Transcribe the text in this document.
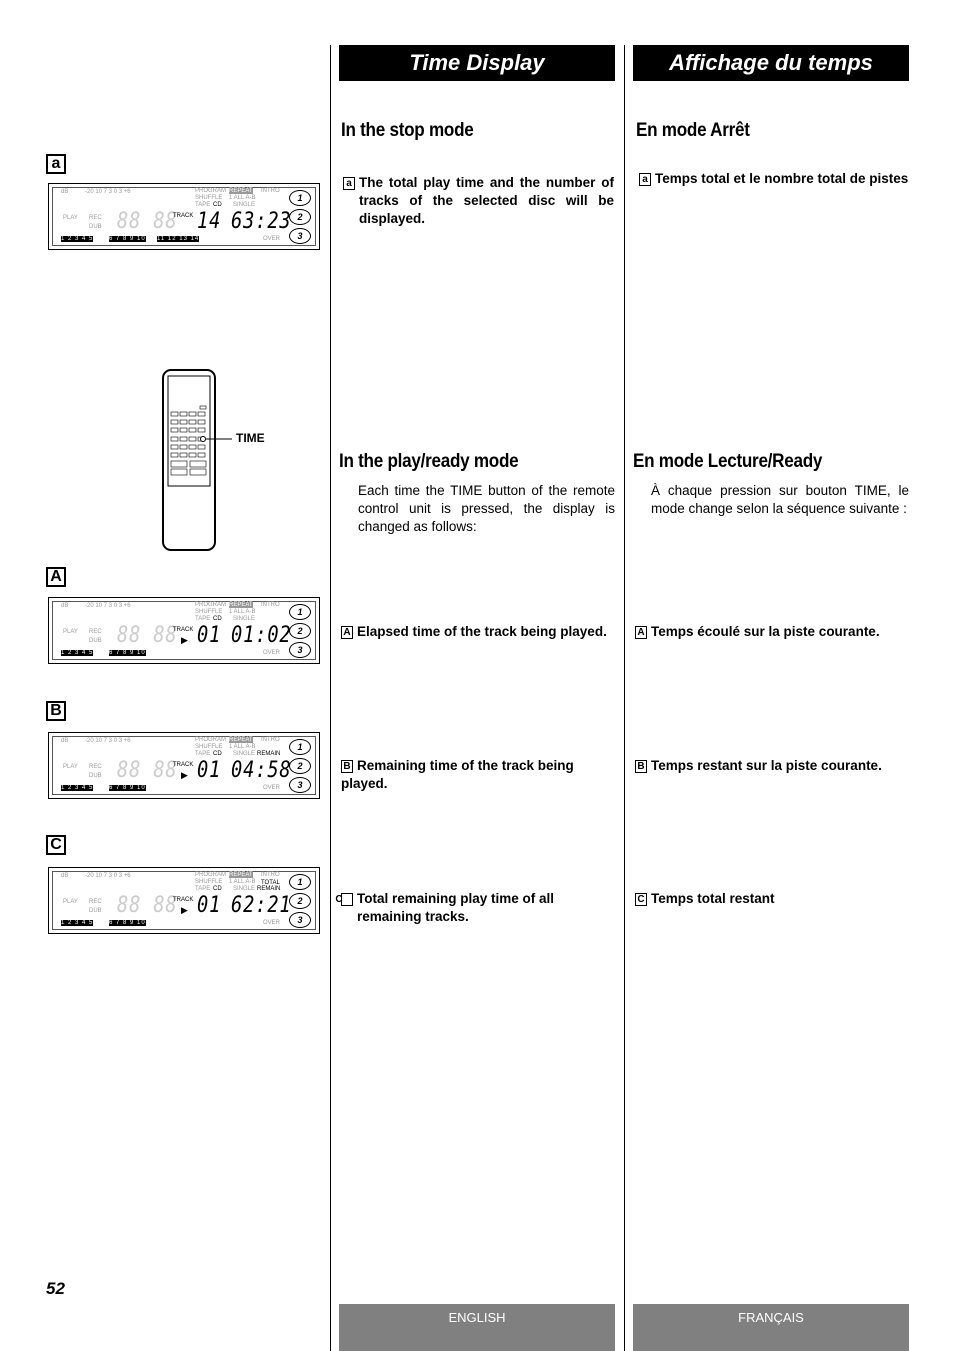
Time Display	Affichage du temps
In the stop mode
a The total play time and the number of tracks of the selected disc will be displayed.
In the play/ready mode
Each time the TIME button of the remote control unit is pressed, the display is changed as follows:
A Elapsed time of the track being played.
B Remaining time of the track being played.
C Total remaining play time of all remaining tracks.
En mode Arrêt
a Temps total et le nombre total de pistes
En mode Lecture/Ready
À chaque pression sur bouton TIME, le mode change selon la séquence suivante :
A Temps écoulé sur la piste courante.
B Temps restant sur la piste courante.
C Temps total restant
a
A
B
C
dB	-20 10 7 3 0 3 +6	PROGRAM REPEAT INTRO
SHUFFLE 1 ALL A-B
TAPE CD SINGLE
PLAY REC
DUB 88 88
TRACK 14 63:23
1
2
3
1 2 3 4 5	6 7 8 9 10 11 12 13 14	OVER
dB	-20 10 7 3 0 3 +6	PROGRAM REPEAT INTRO
SHUFFLE 1 ALL A-B
TAPE CD SINGLE
PLAY REC
DUB 88 88
TRACK
▶ 01 01:02
1
2
3
1 2 3 4 5	6 7 8 9 10	OVER
dB	-20 10 7 3 0 3 +6	PROGRAM REPEAT INTRO
SHUFFLE 1 ALL A-B
TAPE CD SINGLE REMAIN
PLAY REC
DUB 88 88
TRACK
▶ 01 04:58
1
2
3
1 2 3 4 5	6 7 8 9 10	OVER
dB	-20 10 7 3 0 3 +6	PROGRAM REPEAT INTRO
SHUFFLE 1 ALL A-B TOTAL
TAPE CD SINGLE REMAIN
PLAY REC
DUB 88 88
TRACK
▶ 01 62:21
1
2
3
1 2 3 4 5	6 7 8 9 10	OVER
TIME
52
ENGLISH	FRANÇAIS
